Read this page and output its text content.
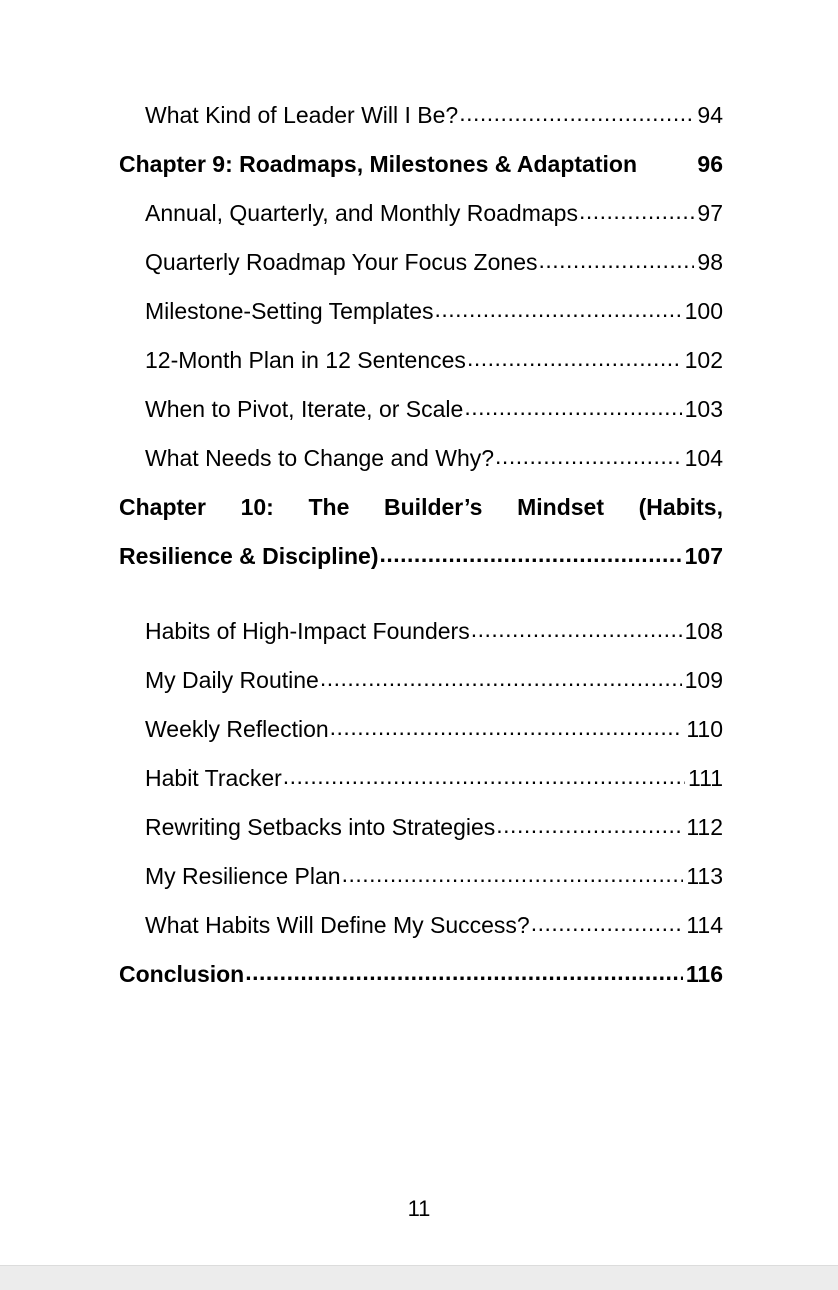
What Kind of Leader Will I Be? .....	94
Chapter 9: Roadmaps, Milestones & Adaptation	96
Annual, Quarterly, and Monthly Roadmaps .....	97
Quarterly Roadmap Your Focus Zones .....	98
Milestone-Setting Templates .....	100
12-Month Plan in 12 Sentences .....	102
When to Pivot, Iterate, or Scale .....	103
What Needs to Change and Why? .....	104
Chapter 10: The Builder’s Mindset (Habits,
Resilience & Discipline) .....	107
Habits of High-Impact Founders .....	108
My Daily Routine .....	109
Weekly Reflection .....	110
Habit Tracker .....	111
Rewriting Setbacks into Strategies .....	112
My Resilience Plan .....	113
What Habits Will Define My Success? .....	114
Conclusion .....	116
11
